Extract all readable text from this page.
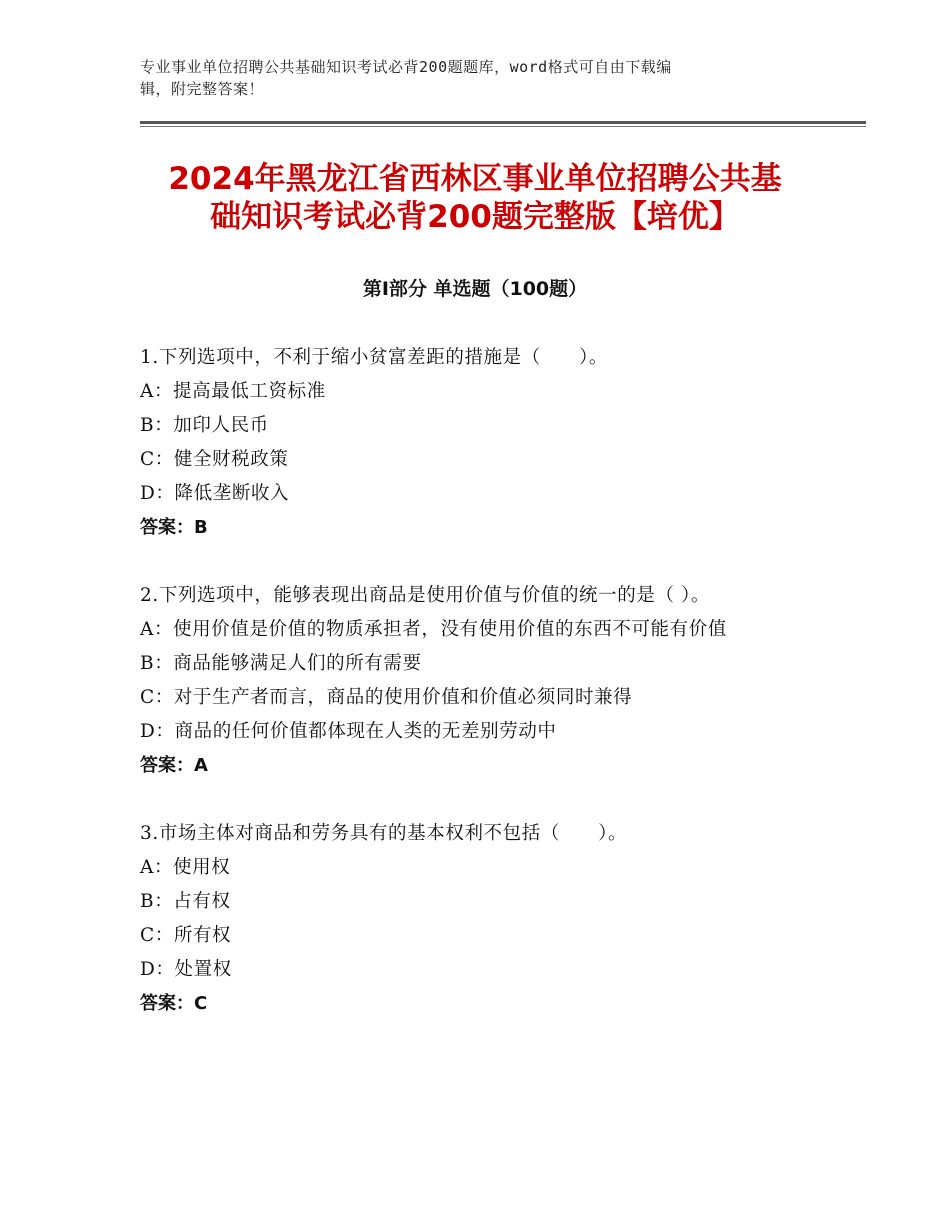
专业事业单位招聘公共基础知识考试必背200题题库，word格式可自由下载编
辑，附完整答案！
2024年黑龙江省西林区事业单位招聘公共基
础知识考试必背200题完整版【培优】
第Ⅰ部分 单选题（100题）
1.下列选项中，不利于缩小贫富差距的措施是（　　）。
A：提高最低工资标准
B：加印人民币
C：健全财税政策
D：降低垄断收入
答案：B
2.下列选项中，能够表现出商品是使用价值与价值的统一的是（ ）。
A：使用价值是价值的物质承担者，没有使用价值的东西不可能有价值
B：商品能够满足人们的所有需要
C：对于生产者而言，商品的使用价值和价值必须同时兼得
D：商品的任何价值都体现在人类的无差别劳动中
答案：A
3.市场主体对商品和劳务具有的基本权利不包括（　　）。
A：使用权
B：占有权
C：所有权
D：处置权
答案：C
